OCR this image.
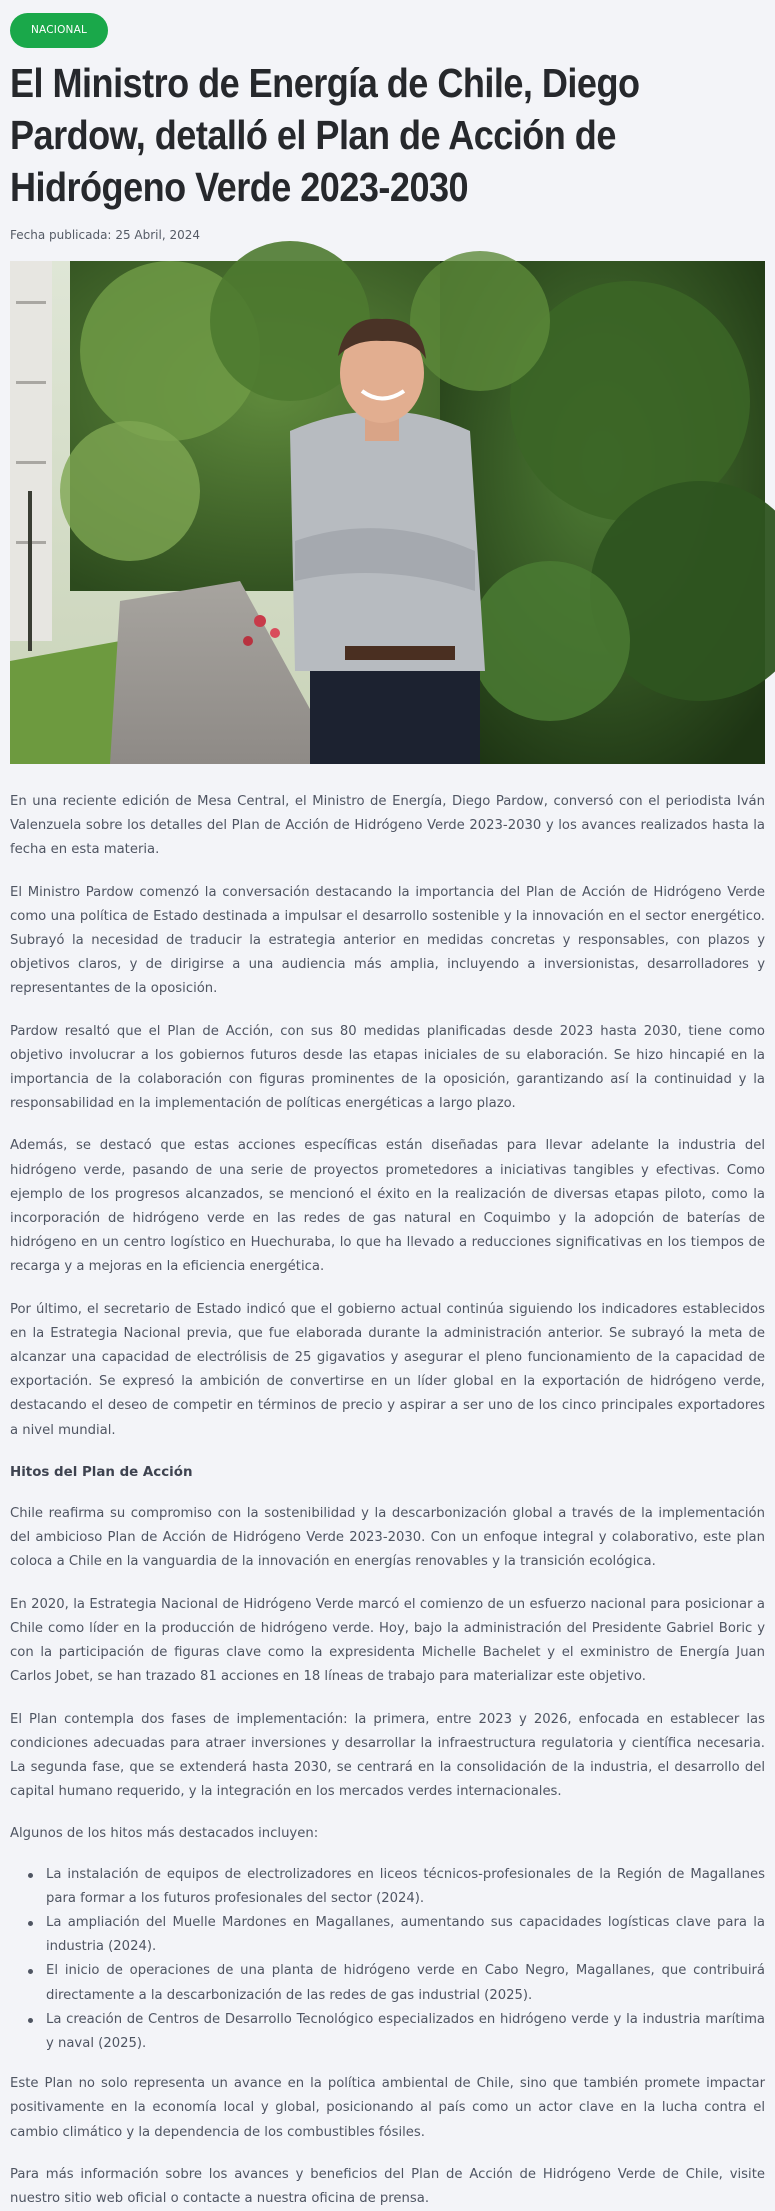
NACIONAL
El Ministro de Energía de Chile, Diego Pardow, detalló el Plan de Acción de Hidrógeno Verde 2023-2030
Fecha publicada: 25 Abril, 2024

En una reciente edición de Mesa Central, el Ministro de Energía, Diego Pardow, conversó con el periodista Iván Valenzuela sobre los detalles del Plan de Acción de Hidrógeno Verde 2023-2030 y los avances realizados hasta la fecha en esta materia.

El Ministro Pardow comenzó la conversación destacando la importancia del Plan de Acción de Hidrógeno Verde como una política de Estado destinada a impulsar el desarrollo sostenible y la innovación en el sector energético. Subrayó la necesidad de traducir la estrategia anterior en medidas concretas y responsables, con plazos y objetivos claros, y de dirigirse a una audiencia más amplia, incluyendo a inversionistas, desarrolladores y representantes de la oposición.

Pardow resaltó que el Plan de Acción, con sus 80 medidas planificadas desde 2023 hasta 2030, tiene como objetivo involucrar a los gobiernos futuros desde las etapas iniciales de su elaboración. Se hizo hincapié en la importancia de la colaboración con figuras prominentes de la oposición, garantizando así la continuidad y la responsabilidad en la implementación de políticas energéticas a largo plazo.

Además, se destacó que estas acciones específicas están diseñadas para llevar adelante la industria del hidrógeno verde, pasando de una serie de proyectos prometedores a iniciativas tangibles y efectivas. Como ejemplo de los progresos alcanzados, se mencionó el éxito en la realización de diversas etapas piloto, como la incorporación de hidrógeno verde en las redes de gas natural en Coquimbo y la adopción de baterías de hidrógeno en un centro logístico en Huechuraba, lo que ha llevado a reducciones significativas en los tiempos de recarga y a mejoras en la eficiencia energética.

Por último, el secretario de Estado indicó que el gobierno actual continúa siguiendo los indicadores establecidos en la Estrategia Nacional previa, que fue elaborada durante la administración anterior. Se subrayó la meta de alcanzar una capacidad de electrólisis de 25 gigavatios y asegurar el pleno funcionamiento de la capacidad de exportación. Se expresó la ambición de convertirse en un líder global en la exportación de hidrógeno verde, destacando el deseo de competir en términos de precio y aspirar a ser uno de los cinco principales exportadores a nivel mundial.

Hitos del Plan de Acción

Chile reafirma su compromiso con la sostenibilidad y la descarbonización global a través de la implementación del ambicioso Plan de Acción de Hidrógeno Verde 2023-2030. Con un enfoque integral y colaborativo, este plan coloca a Chile en la vanguardia de la innovación en energías renovables y la transición ecológica.

En 2020, la Estrategia Nacional de Hidrógeno Verde marcó el comienzo de un esfuerzo nacional para posicionar a Chile como líder en la producción de hidrógeno verde. Hoy, bajo la administración del Presidente Gabriel Boric y con la participación de figuras clave como la expresidenta Michelle Bachelet y el exministro de Energía Juan Carlos Jobet, se han trazado 81 acciones en 18 líneas de trabajo para materializar este objetivo.

El Plan contempla dos fases de implementación: la primera, entre 2023 y 2026, enfocada en establecer las condiciones adecuadas para atraer inversiones y desarrollar la infraestructura regulatoria y científica necesaria. La segunda fase, que se extenderá hasta 2030, se centrará en la consolidación de la industria, el desarrollo del capital humano requerido, y la integración en los mercados verdes internacionales.

Algunos de los hitos más destacados incluyen:

La instalación de equipos de electrolizadores en liceos técnicos-profesionales de la Región de Magallanes para formar a los futuros profesionales del sector (2024).
La ampliación del Muelle Mardones en Magallanes, aumentando sus capacidades logísticas clave para la industria (2024).
El inicio de operaciones de una planta de hidrógeno verde en Cabo Negro, Magallanes, que contribuirá directamente a la descarbonización de las redes de gas industrial (2025).
La creación de Centros de Desarrollo Tecnológico especializados en hidrógeno verde y la industria marítima y naval (2025).

Este Plan no solo representa un avance en la política ambiental de Chile, sino que también promete impactar positivamente en la economía local y global, posicionando al país como un actor clave en la lucha contra el cambio climático y la dependencia de los combustibles fósiles.

Para más información sobre los avances y beneficios del Plan de Acción de Hidrógeno Verde de Chile, visite nuestro sitio web oficial o contacte a nuestra oficina de prensa.
